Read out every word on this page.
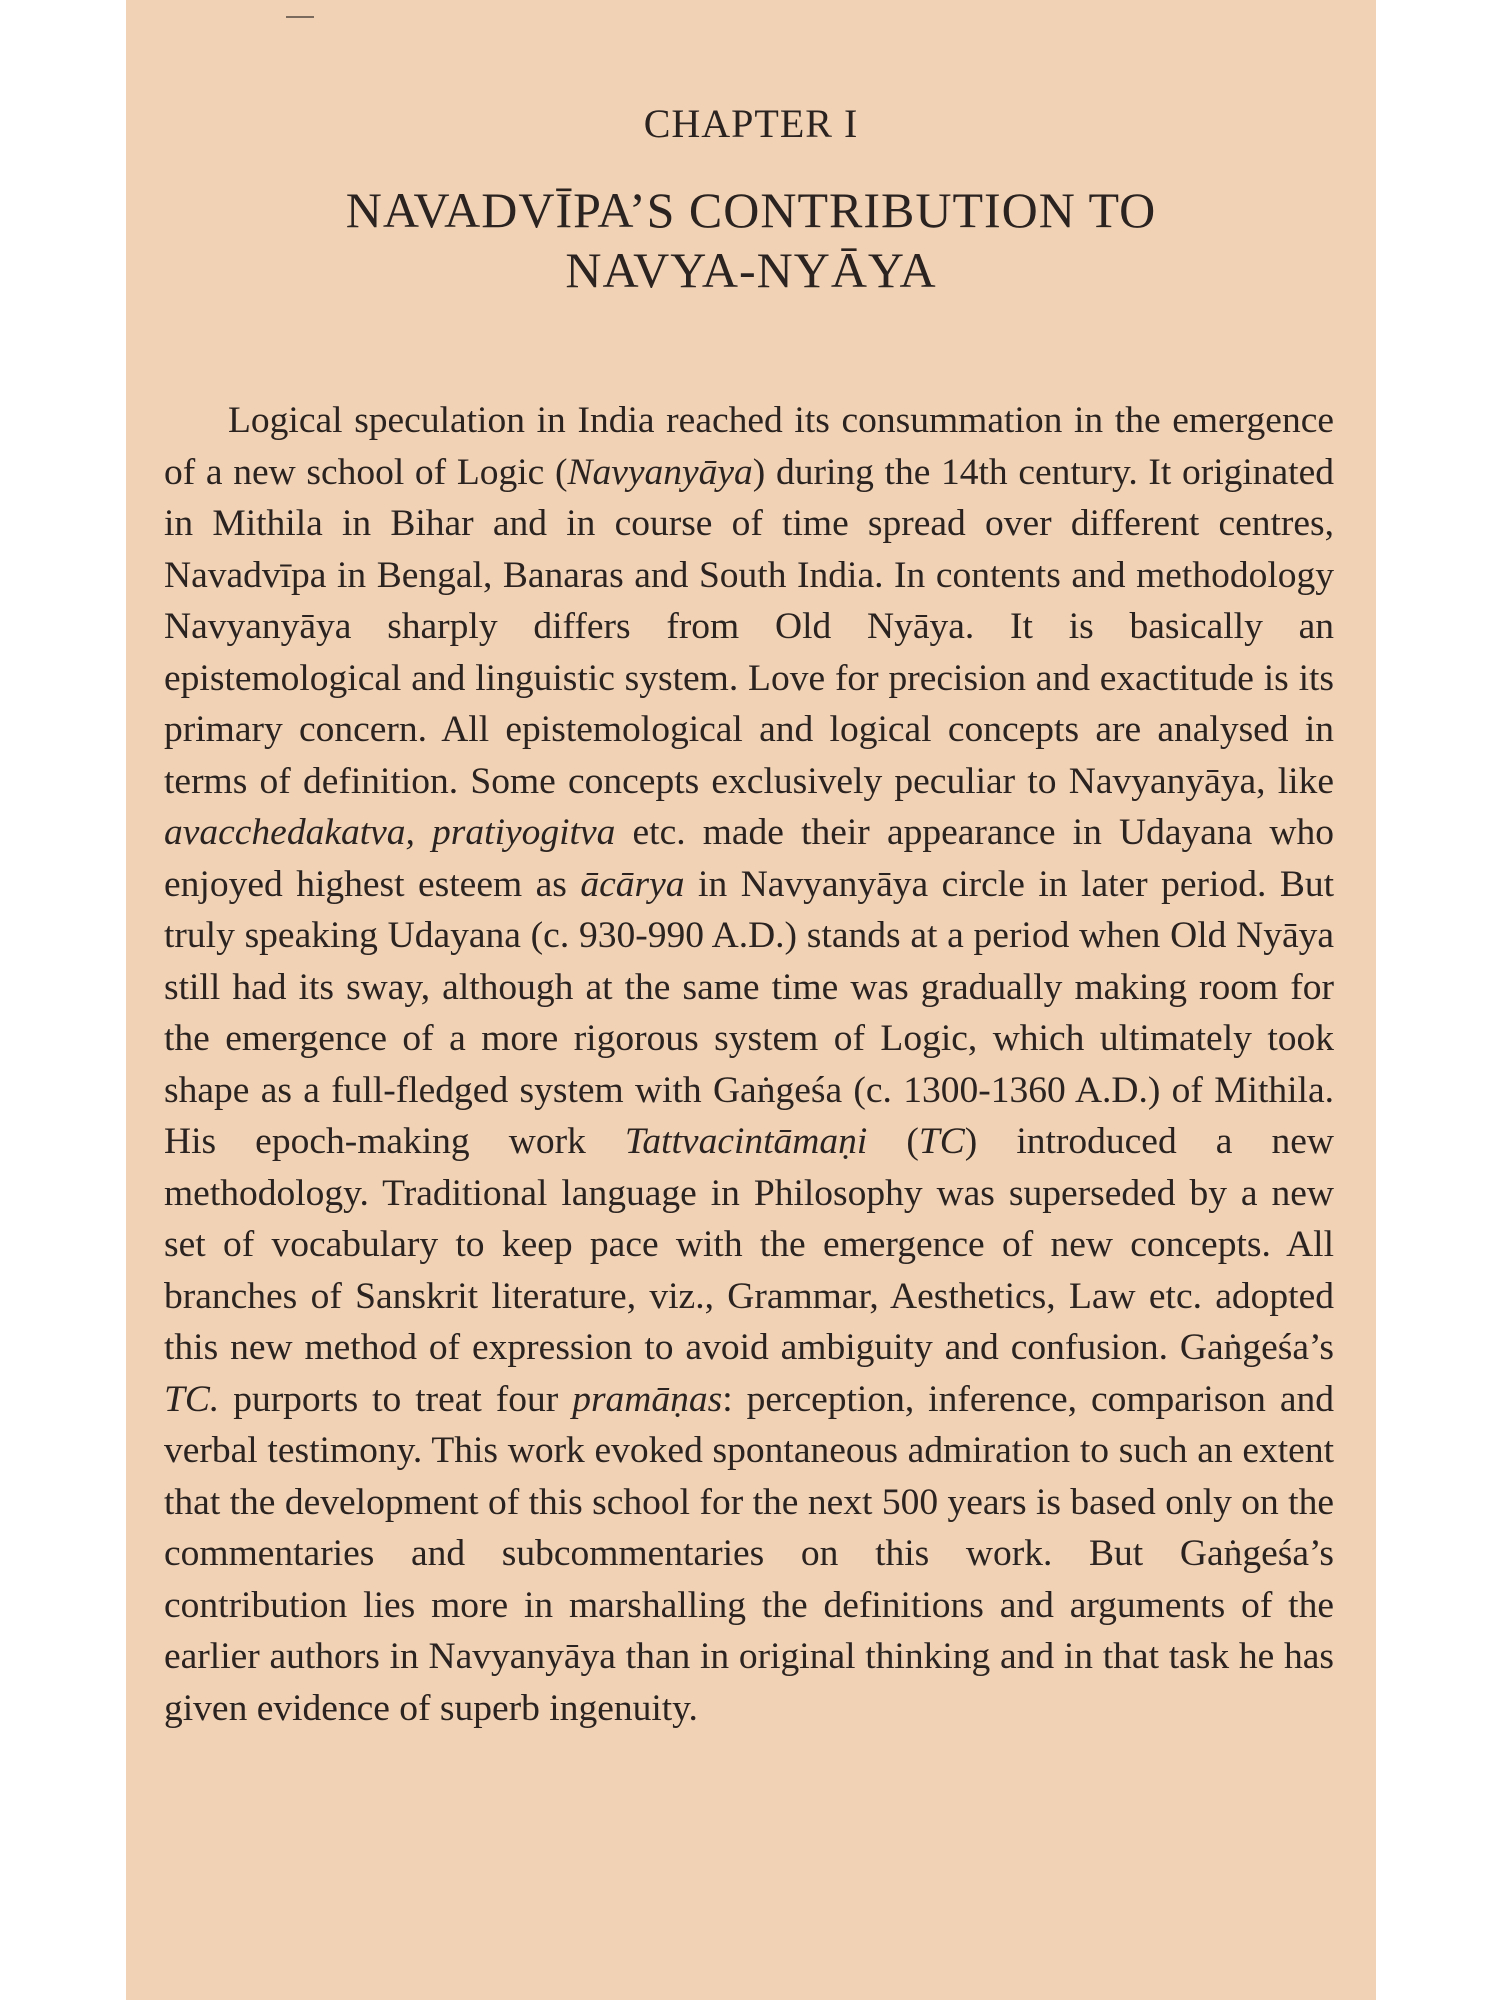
CHAPTER I
NAVADVĪPA’S CONTRIBUTION TO
NAVYA-NYĀYA

Logical speculation in India reached its consummation in the emergence of a new school of Logic (Navyanyāya) during the 14th century. It originated in Mithila in Bihar and in course of time spread over different centres, Navadvīpa in Bengal, Banaras and South India. In contents and methodology Navyanyāya sharply differs from Old Nyāya. It is basically an epistemological and linguistic system. Love for precision and exactitude is its primary concern. All epistemological and logical concepts are analysed in terms of definition. Some concepts exclusively peculiar to Navyanyāya, like avacchedakatva, pratiyogitva etc. made their appearance in Udayana who enjoyed highest esteem as ācārya in Navyanyāya circle in later period. But truly speaking Udayana (c. 930-990 A.D.) stands at a period when Old Nyāya still had its sway, although at the same time was gradually making room for the emergence of a more rigorous system of Logic, which ultimately took shape as a full-fledged system with Gaṅgeśa (c. 1300-1360 A.D.) of Mithila. His epoch-making work Tattvacintāmaṇi (TC) introduced a new methodology. Traditional language in Philosophy was superseded by a new set of vocabulary to keep pace with the emergence of new concepts. All branches of Sanskrit literature, viz., Grammar, Aesthetics, Law etc. adopted this new method of expression to avoid ambiguity and confusion. Gaṅgeśa’s TC. purports to treat four pramāṇas: perception, inference, comparison and verbal testimony. This work evoked spontaneous admiration to such an extent that the development of this school for the next 500 years is based only on the commentaries and subcommentaries on this work. But Gaṅgeśa’s contribution lies more in marshalling the definitions and arguments of the earlier authors in Navyanyāya than in original thinking and in that task he has given evidence of superb ingenuity.
